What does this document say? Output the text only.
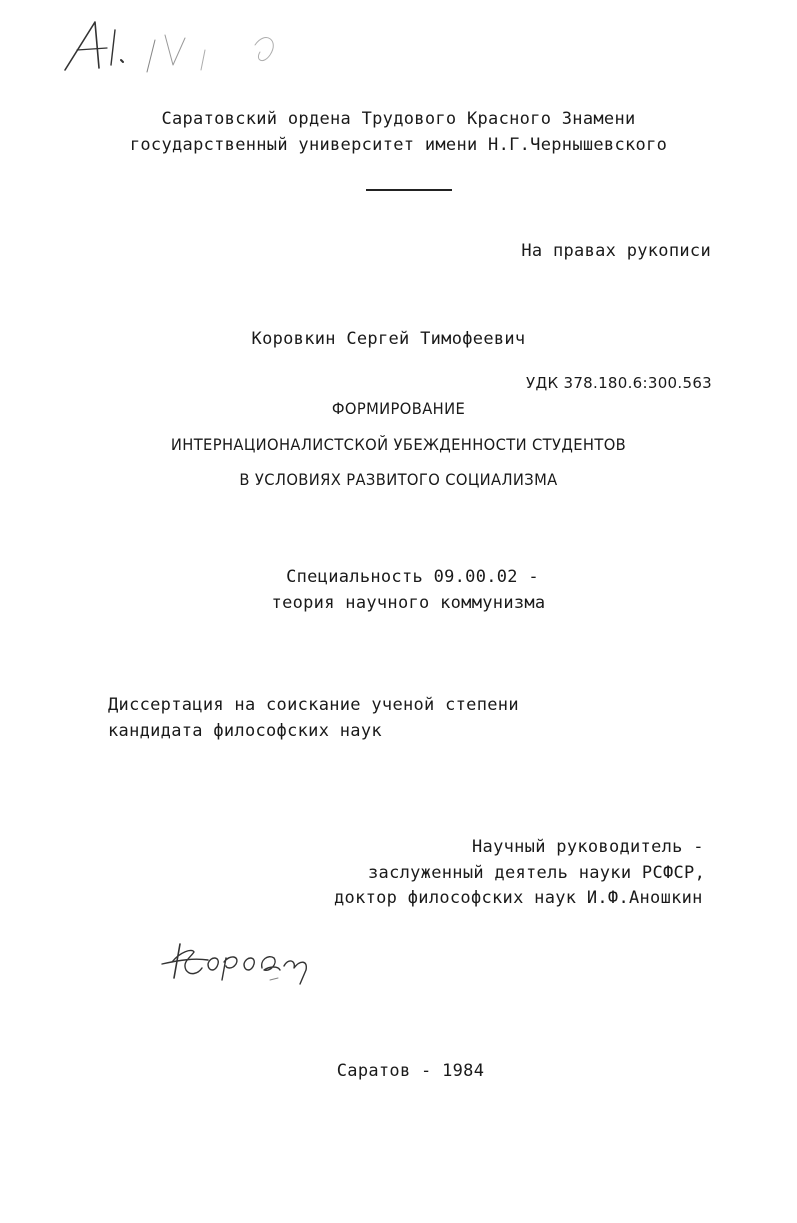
Саратовский ордена Трудового Красного Знамени
государственный университет имени Н.Г.Чернышевского
На правах рукописи
Коровкин Сергей Тимофеевич
УДК 378.180.6:300.563
ФОРМИРОВАНИЕ
ИНТЕРНАЦИОНАЛИСТСКОЙ УБЕЖДЕННОСТИ СТУДЕНТОВ
В УСЛОВИЯХ РАЗВИТОГО СОЦИАЛИЗМА
Специальность 09.00.02 -
теория научного коммунизма
Диссертация на соискание ученой степени
кандидата философских наук
Научный руководитель -
заслуженный деятель науки РСФСР,
доктор философских наук И.Ф.Аношкин
Саратов - 1984
